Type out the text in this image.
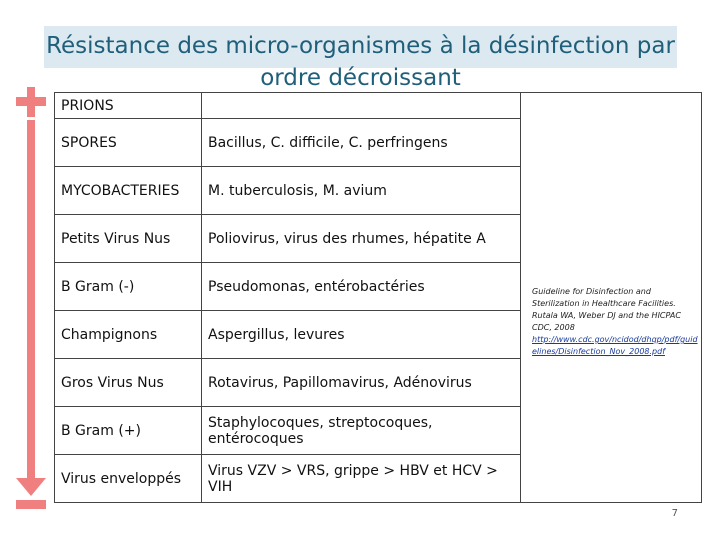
Résistance des micro-organismes à la désinfection par ordre décroissant
PRIONS		
SPORES	Bacillus, C. difficile, C. perfringens	
MYCOBACTERIES	M. tuberculosis, M. avium	
Petits Virus Nus	Poliovirus, virus des rhumes, hépatite A	
B Gram (-)	Pseudomonas, entérobactéries	
Champignons	Aspergillus, levures	
Gros Virus Nus	Rotavirus, Papillomavirus, Adénovirus	
B Gram (+)	Staphylocoques, streptocoques, entérocoques	
Virus enveloppés	Virus VZV > VRS, grippe > HBV et HCV > VIH	
Guideline for Disinfection and Sterilization in Healthcare Facilities. Rutala WA, Weber DJ and the HICPAC CDC, 2008
http://www.cdc.gov/ncidod/dhqp/pdf/guidelines/Disinfection_Nov_2008.pdf
7
